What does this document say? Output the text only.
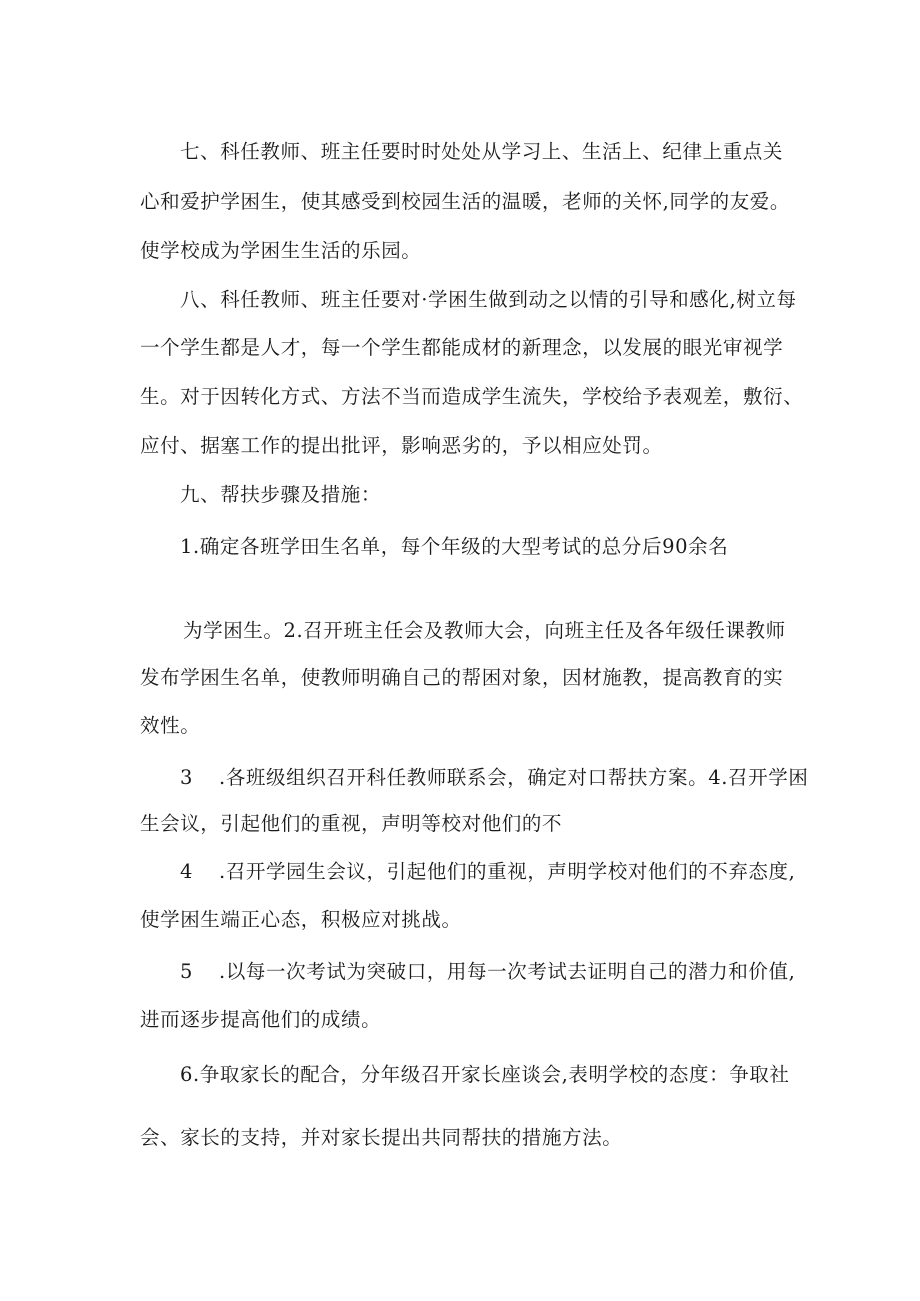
七、科任教师、班主任要时时处处从学习上、生活上、纪律上重点关
心和爱护学困生，使其感受到校园生活的温暖，老师的关怀,同学的友爱。
使学校成为学困生生活的乐园。
八、科任教师、班主任要对·学困生做到动之以情的引导和感化,树立每
一个学生都是人才，每一个学生都能成材的新理念，以发展的眼光审视学
生。对于因转化方式、方法不当而造成学生流失，学校给予表观差，敷衍、
应付、据塞工作的提出批评，影响恶劣的，予以相应处罚。
九、帮扶步骤及措施：
1.确定各班学田生名单，每个年级的大型考试的总分后90余名
为学困生。2.召开班主任会及教师大会，向班主任及各年级任课教师
发布学困生名单，使教师明确自己的帮困对象，因材施教，提高教育的实
效性。
3 .各班级组织召开科任教师联系会，确定对口帮扶方案。4.召开学困
生会议，引起他们的重视，声明等校对他们的不
4 .召开学园生会议，引起他们的重视，声明学校对他们的不弃态度,
使学困生端正心态，积极应对挑战。
5 .以每一次考试为突破口，用每一次考试去证明自己的潜力和价值,
进而逐步提高他们的成绩。
6.争取家长的配合，分年级召开家长座谈会,表明学校的态度：争取社
会、家长的支持，并对家长提出共同帮扶的措施方法。
